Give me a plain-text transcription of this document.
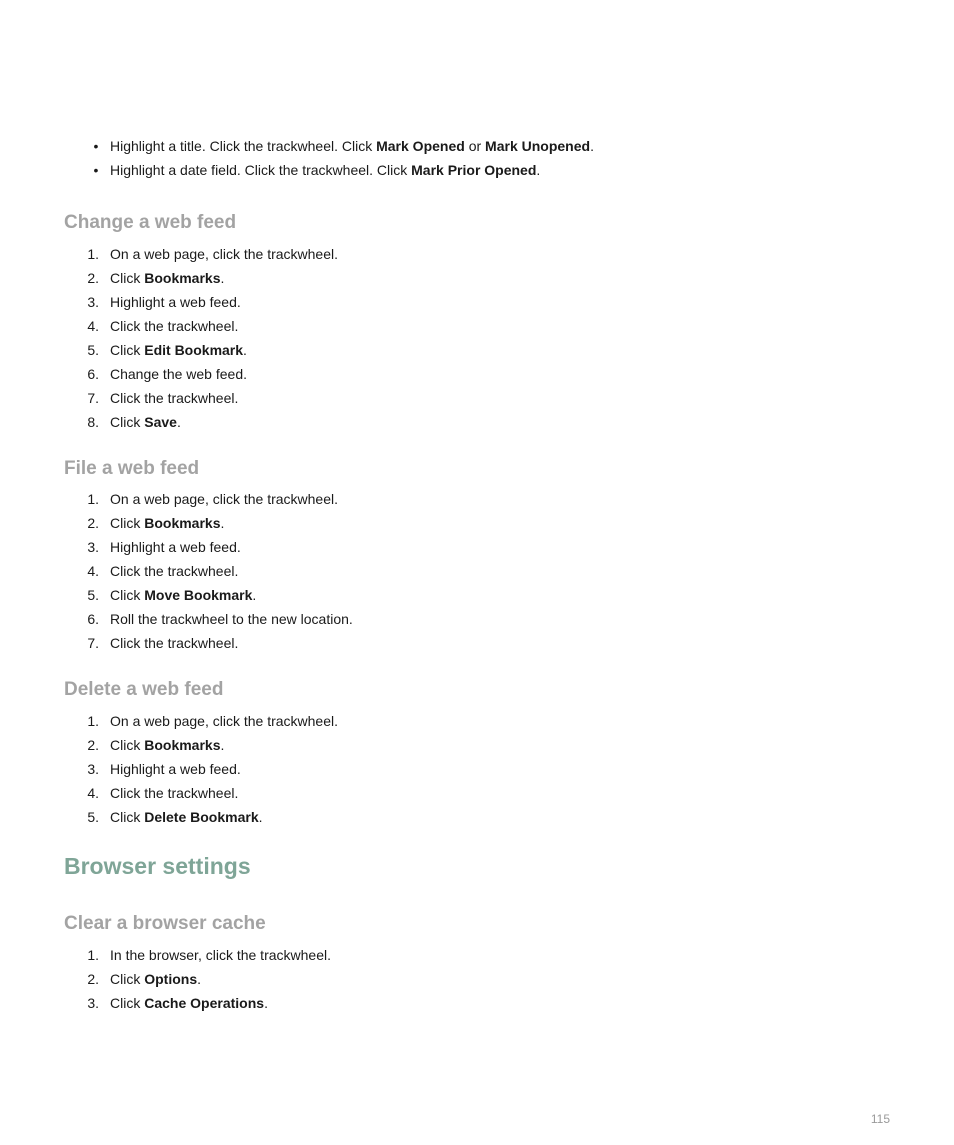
• Highlight a title. Click the trackwheel. Click Mark Opened or Mark Unopened.
• Highlight a date field. Click the trackwheel. Click Mark Prior Opened.
Change a web feed
1. On a web page, click the trackwheel.
2. Click Bookmarks.
3. Highlight a web feed.
4. Click the trackwheel.
5. Click Edit Bookmark.
6. Change the web feed.
7. Click the trackwheel.
8. Click Save.
File a web feed
1. On a web page, click the trackwheel.
2. Click Bookmarks.
3. Highlight a web feed.
4. Click the trackwheel.
5. Click Move Bookmark.
6. Roll the trackwheel to the new location.
7. Click the trackwheel.
Delete a web feed
1. On a web page, click the trackwheel.
2. Click Bookmarks.
3. Highlight a web feed.
4. Click the trackwheel.
5. Click Delete Bookmark.
Browser settings
Clear a browser cache
1. In the browser, click the trackwheel.
2. Click Options.
3. Click Cache Operations.
115
